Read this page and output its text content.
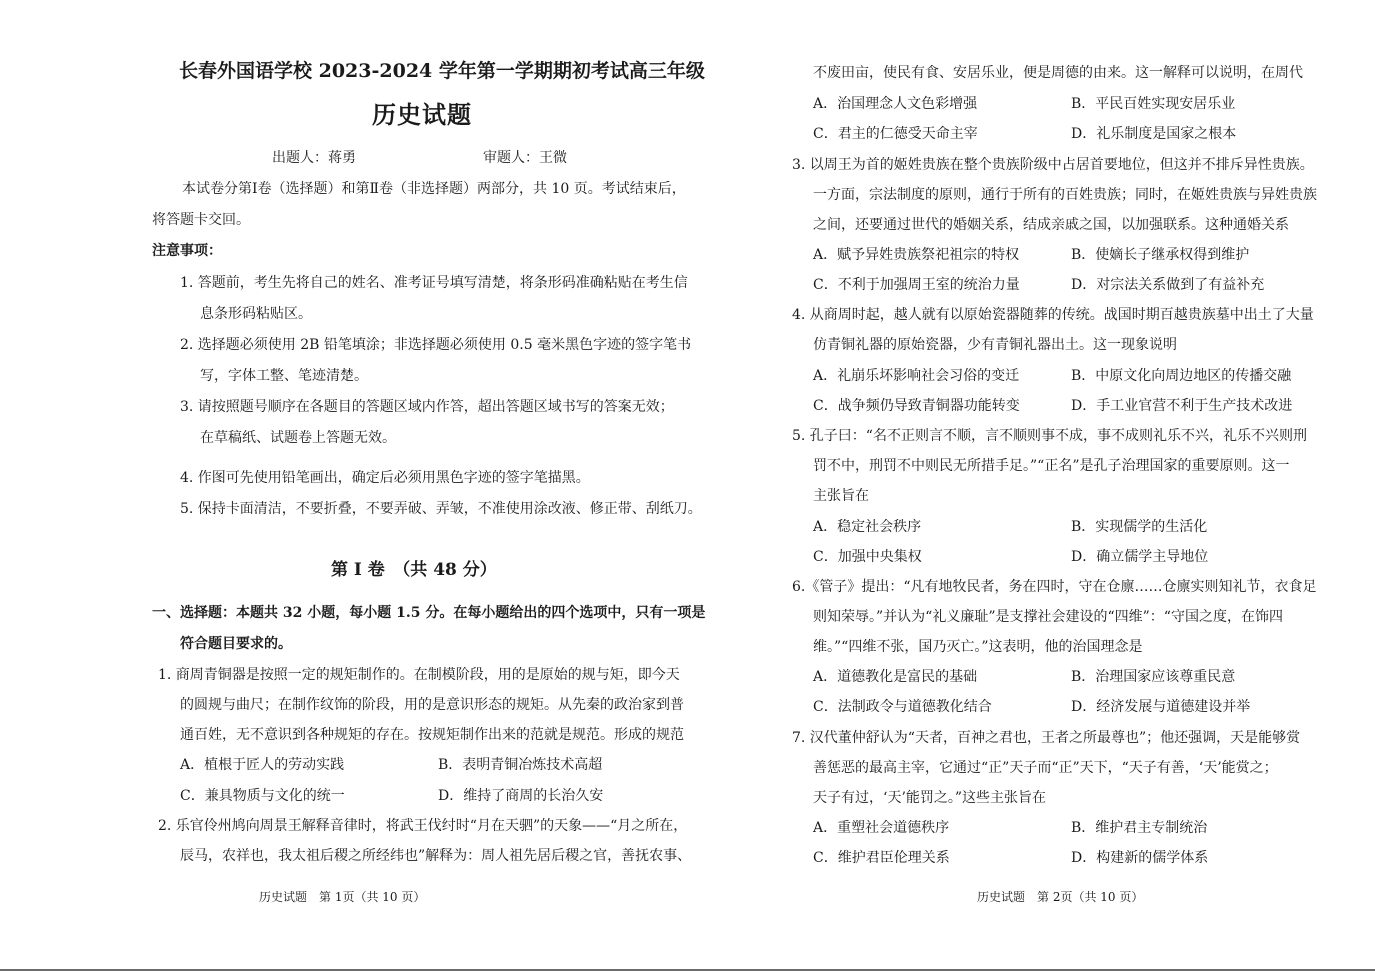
长春外国语学校 2023-2024 学年第一学期期初考试高三年级
历史试题
出题人：蒋勇	审题人：王微
本试卷分第Ⅰ卷（选择题）和第Ⅱ卷（非选择题）两部分，共 10 页。考试结束后，
将答题卡交回。
注意事项：
1. 答题前，考生先将自己的姓名、准考证号填写清楚，将条形码准确粘贴在考生信
息条形码粘贴区。
2. 选择题必须使用 2B 铅笔填涂；非选择题必须使用 0.5 毫米黑色字迹的签字笔书
写，字体工整、笔迹清楚。
3. 请按照题号顺序在各题目的答题区域内作答，超出答题区域书写的答案无效；
在草稿纸、试题卷上答题无效。
4. 作图可先使用铅笔画出，确定后必须用黑色字迹的签字笔描黑。
5. 保持卡面清洁，不要折叠，不要弄破、弄皱，不准使用涂改液、修正带、刮纸刀。
第 I 卷　（共 48 分）
一、选择题：本题共 32 小题，每小题 1.5 分。在每小题给出的四个选项中，只有一项是
符合题目要求的。
1. 商周青铜器是按照一定的规矩制作的。在制模阶段，用的是原始的规与矩，即今天
的圆规与曲尺；在制作纹饰的阶段，用的是意识形态的规矩。从先秦的政治家到普
通百姓，无不意识到各种规矩的存在。按规矩制作出来的范就是规范。形成的规范
A．植根于匠人的劳动实践	B．表明青铜冶炼技术高超
C．兼具物质与文化的统一	D．维持了商周的长治久安
2. 乐官伶州鸠向周景王解释音律时，将武王伐纣时“月在天驷”的天象——“月之所在，
辰马，农祥也，我太祖后稷之所经纬也”解释为：周人祖先居后稷之官，善抚农事、
历史试题　第 1页（共 10 页）
不废田亩，使民有食、安居乐业，便是周德的由来。这一解释可以说明，在周代
A．治国理念人文色彩增强	B．平民百姓实现安居乐业
C．君主的仁德受天命主宰	D．礼乐制度是国家之根本
3. 以周王为首的姬姓贵族在整个贵族阶级中占居首要地位，但这并不排斥异性贵族。
一方面，宗法制度的原则，通行于所有的百姓贵族；同时，在姬姓贵族与异姓贵族
之间，还要通过世代的婚姻关系，结成亲戚之国，以加强联系。这种通婚关系
A．赋予异姓贵族祭祀祖宗的特权	B．使嫡长子继承权得到维护
C．不利于加强周王室的统治力量	D．对宗法关系做到了有益补充
4. 从商周时起，越人就有以原始瓷器随葬的传统。战国时期百越贵族墓中出土了大量
仿青铜礼器的原始瓷器，少有青铜礼器出土。这一现象说明
A．礼崩乐坏影响社会习俗的变迁	B．中原文化向周边地区的传播交融
C．战争频仍导致青铜器功能转变	D．手工业官营不利于生产技术改进
5. 孔子曰：“名不正则言不顺，言不顺则事不成，事不成则礼乐不兴，礼乐不兴则刑
罚不中，刑罚不中则民无所措手足。”“正名”是孔子治理国家的重要原则。这一
主张旨在
A．稳定社会秩序	B．实现儒学的生活化
C．加强中央集权	D．确立儒学主导地位
6.《管子》提出：“凡有地牧民者，务在四时，守在仓廪……仓廪实则知礼节，衣食足
则知荣辱。”并认为“礼义廉耻”是支撑社会建设的“四维”：“守国之度，在饰四
维。”“四维不张，国乃灭亡。”这表明，他的治国理念是
A．道德教化是富民的基础	B．治理国家应该尊重民意
C．法制政令与道德教化结合	D．经济发展与道德建设并举
7. 汉代董仲舒认为“天者，百神之君也，王者之所最尊也”；他还强调，天是能够赏
善惩恶的最高主宰，它通过“正”天子而“正”天下，“天子有善，‘天’能赏之；
天子有过，‘天’能罚之。”这些主张旨在
A．重塑社会道德秩序	B．维护君主专制统治
C．维护君臣伦理关系	D．构建新的儒学体系
历史试题　第 2页（共 10 页）
